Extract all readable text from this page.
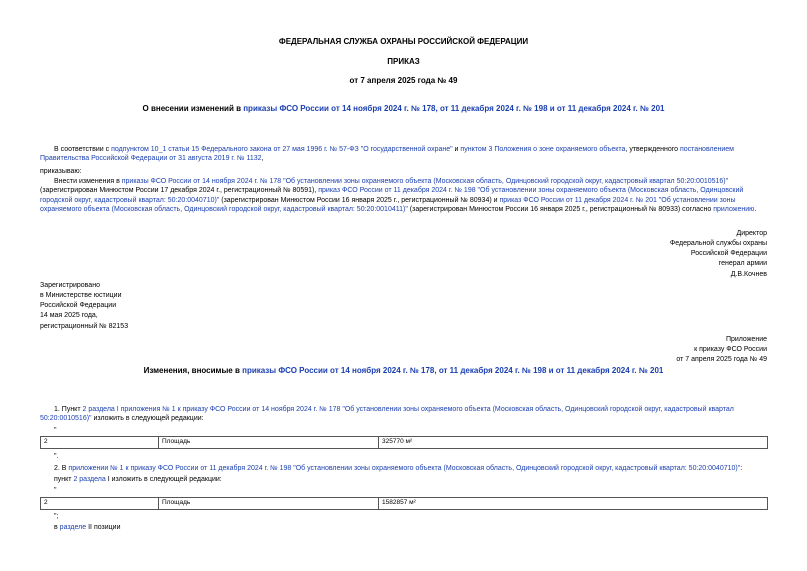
ФЕДЕРАЛЬНАЯ СЛУЖБА ОХРАНЫ РОССИЙСКОЙ ФЕДЕРАЦИИ
ПРИКАЗ
от 7 апреля 2025 года № 49
О внесении изменений в приказы ФСО России от 14 ноября 2024 г. № 178, от 11 декабря 2024 г. № 198 и от 11 декабря 2024 г. № 201
В соответствии с подпунктом 10_1 статьи 15 Федерального закона от 27 мая 1996 г. № 57-ФЗ "О государственной охране" и пунктом 3 Положения о зоне охраняемого объекта, утвержденного постановлением Правительства Российской Федерации от 31 августа 2019 г. № 1132,
приказываю:
Внести изменения в приказы ФСО России от 14 ноября 2024 г. № 178 "Об установлении зоны охраняемого объекта (Московская область, Одинцовский городской округ, кадастровый квартал 50:20:0010516)" (зарегистрирован Минюстом России 17 декабря 2024 г., регистрационный № 80591), приказ ФСО России от 11 декабря 2024 г. № 198 "Об установлении зоны охраняемого объекта (Московская область, Одинцовский городской округ, кадастровый квартал: 50:20:0040710)" (зарегистрирован Минюстом России 16 января 2025 г., регистрационный № 80934) и приказ ФСО России от 11 декабря 2024 г. № 201 "Об установлении зоны охраняемого объекта (Московская область, Одинцовский городской округ, кадастровый квартал: 50:20:0010411)" (зарегистрирован Минюстом России 16 января 2025 г., регистрационный № 80933) согласно приложению.
Директор
Федеральной службы охраны
Российской Федерации
генерал армии
Д.В.Кочнев
Зарегистрировано
в Министерстве юстиции
Российской Федерации
14 мая 2025 года,
регистрационный № 82153
Приложение
к приказу ФСО России
от 7 апреля 2025 года № 49
Изменения, вносимые в приказы ФСО России от 14 ноября 2024 г. № 178, от 11 декабря 2024 г. № 198 и от 11 декабря 2024 г. № 201
1. Пункт 2 раздела I приложения № 1 к приказу ФСО России от 14 ноября 2024 г. № 178 "Об установлении зоны охраняемого объекта (Московская область, Одинцовский городской округ, кадастровый квартал 50:20:0010516)" изложить в следующей редакции:
"
2	Площадь	325770 м²
".
2. В приложении № 1 к приказу ФСО России от 11 декабря 2024 г. № 198 "Об установлении зоны охраняемого объекта (Московская область, Одинцовский городской округ, кадастровый квартал: 50:20:0040710)":
пункт 2 раздела I изложить в следующей редакции:
"
2	Площадь	1582857 м²
";
в разделе II позиции
